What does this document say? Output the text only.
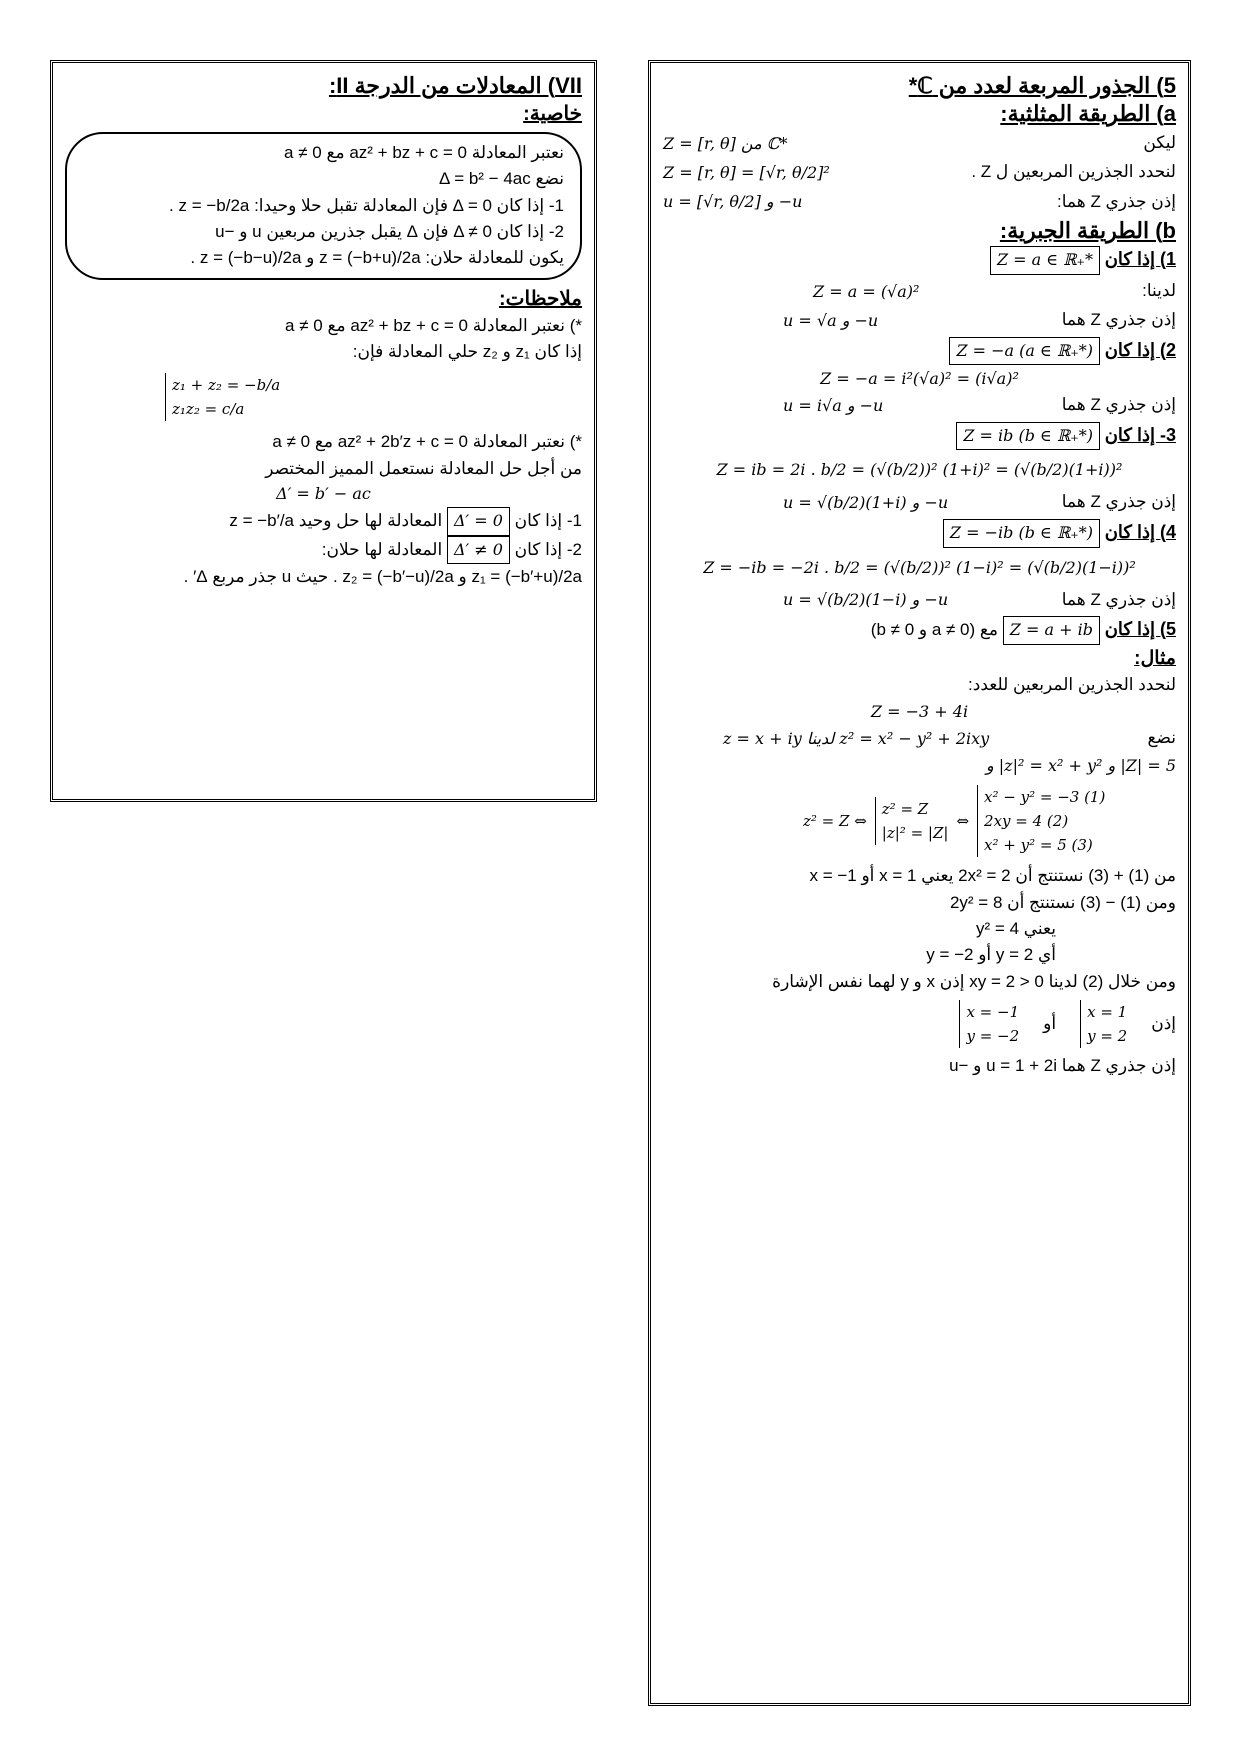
5) الجذور المربعة لعدد من ℂ*
a) الطريقة المثلثية:
ليكن
Z = [r, θ] من ℂ*
لنحدد الجذرين المربعين ل Z .
Z = [r, θ] = [√r, θ/2]²
إذن جذري Z هما:
u = [√r, θ/2] و −u
b) الطريقة الجبرية:
1) إذا كان Z = a ∈ ℝ₊*
لدينا:
Z = a = (√a)²
إذن جذري Z هما
u = √a و −u
2) إذا كان Z = −a (a ∈ ℝ₊*)
Z = −a = i²(√a)² = (i√a)²
إذن جذري Z هما
u = i√a و −u
3- إذا كان Z = ib (b ∈ ℝ₊*)
Z = ib = 2i . b/2 = (√(b/2))² (1+i)² = (√(b/2)(1+i))²
إذن جذري Z هما
u = √(b/2)(1+i) و −u
4) إذا كان Z = −ib (b ∈ ℝ₊*)
Z = −ib = −2i . b/2 = (√(b/2))² (1−i)² = (√(b/2)(1−i))²
إذن جذري Z هما
u = √(b/2)(1−i) و −u
5) إذا كان Z = a + ib مع (a ≠ 0 و b ≠ 0)
مثال:
لنحدد الجذرين المربعين للعدد:
Z = −3 + 4i
نضع
z = x + iy لدينا z² = x² − y² + 2ixy
و |z|² = x² + y² و |Z| = 5
z² = Z ⇔
z² = Z
|z|² = |Z|
⇔
x² − y² = −3 (1)
2xy = 4 (2)
x² + y² = 5 (3)
من (1) + (3) نستنتج أن 2x² = 2 يعني x = 1 أو x = −1
ومن (1) − (3) نستنتج أن 2y² = 8
يعني y² = 4
أي y = 2 أو y = −2
ومن خلال (2) لدينا xy = 2 > 0 إذن x و y لهما نفس الإشارة
إذن
x = 1
y = 2
أو
x = −1
y = −2
إذن جذري Z هما u = 1 + 2i و −u
VII) المعادلات من الدرجة II:
خاصية:
نعتبر المعادلة az² + bz + c = 0 مع a ≠ 0
نضع Δ = b² − 4ac
1- إذا كان Δ = 0 فإن المعادلة تقبل حلا وحيدا: z = −b/2a .
2- إذا كان Δ ≠ 0 فإن Δ يقبل جذرين مربعين u و −u
يكون للمعادلة حلان: z = (−b+u)/2a و z = (−b−u)/2a .
ملاحظات:
*) نعتبر المعادلة az² + bz + c = 0 مع a ≠ 0
إذا كان z₁ و z₂ حلي المعادلة فإن:
z₁ + z₂ = −b/a
z₁z₂ = c/a
*) نعتبر المعادلة az² + 2b′z + c = 0 مع a ≠ 0
من أجل حل المعادلة نستعمل المميز المختصر
Δ′ = b′ − ac
1- إذا كان Δ′ = 0 المعادلة لها حل وحيد z = −b′/a
2- إذا كان Δ′ ≠ 0 المعادلة لها حلان:
z₁ = (−b′+u)/2a و z₂ = (−b′−u)/2a . حيث u جذر مربع Δ′ .
